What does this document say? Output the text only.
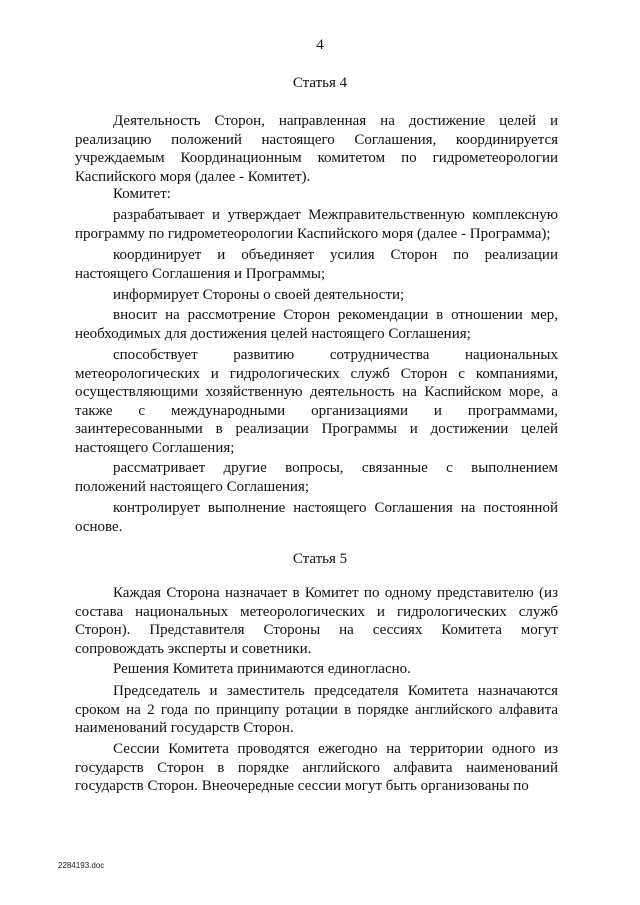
4
Статья 4

Деятельность Сторон, направленная на достижение целей и реализацию положений настоящего Соглашения, координируется учреждаемым Координационным комитетом по гидрометеорологии Каспийского моря (далее - Комитет).

Комитет:

разрабатывает и утверждает Межправительственную комплексную программу по гидрометеорологии Каспийского моря (далее - Программа);

координирует и объединяет усилия Сторон по реализации настоящего Соглашения и Программы;

информирует Стороны о своей деятельности;

вносит на рассмотрение Сторон рекомендации в отношении мер, необходимых для достижения целей настоящего Соглашения;

способствует развитию сотрудничества национальных метеорологических и гидрологических служб Сторон с компаниями, осуществляющими хозяйственную деятельность на Каспийском море, а также с международными организациями и программами, заинтересованными в реализации Программы и достижении целей настоящего Соглашения;

рассматривает другие вопросы, связанные с выполнением положений настоящего Соглашения;

контролирует выполнение настоящего Соглашения на постоянной основе.

Статья 5

Каждая Сторона назначает в Комитет по одному представителю (из состава национальных метеорологических и гидрологических служб Сторон). Представителя Стороны на сессиях Комитета могут сопровождать эксперты и советники.

Решения Комитета принимаются единогласно.

Председатель и заместитель председателя Комитета назначаются сроком на 2 года по принципу ротации в порядке английского алфавита наименований государств Сторон.

Сессии Комитета проводятся ежегодно на территории одного из государств Сторон в порядке английского алфавита наименований государств Сторон. Внеочередные сессии могут быть организованы по

2284193.doc
